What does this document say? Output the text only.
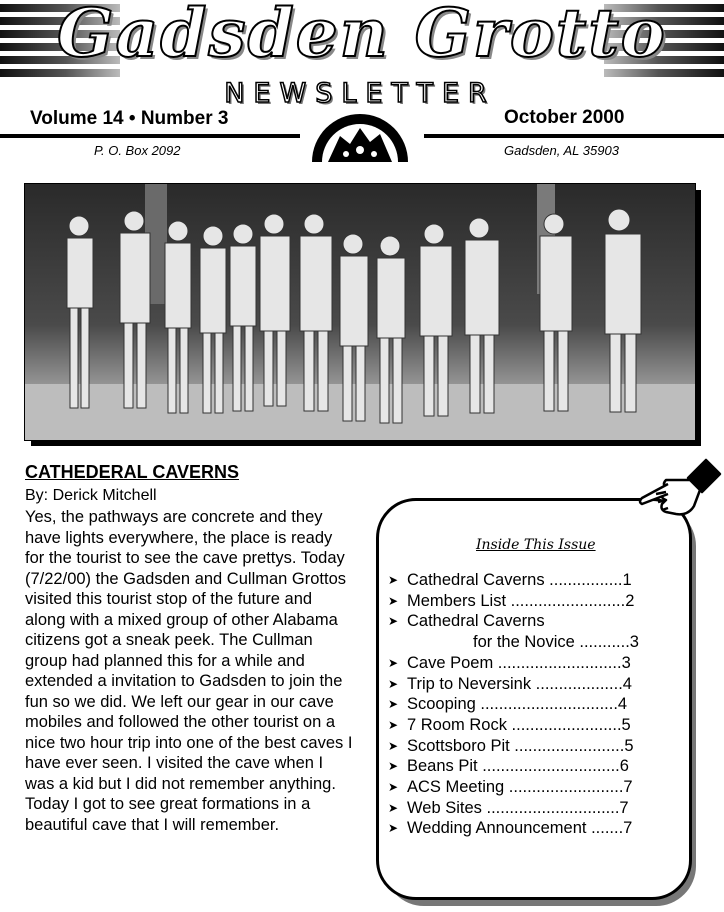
Gadsden Grotto
NEWSLETTER
Volume 14 • Number 3	October 2000
P. O. Box 2092	Gadsden, AL 35903
CATHEDERAL CAVERNS
By: Derick Mitchell
Yes, the pathways are concrete and they have lights everywhere, the place is ready for the tourist to see the cave prettys. Today (7/22/00) the Gadsden and Cullman Grottos visited this tourist stop of the future and along with a mixed group of other Alabama citizens got a sneak peek. The Cullman group had planned this for a while and extended a invitation to Gadsden to join the fun so we did. We left our gear in our cave mobiles and followed the other tourist on a nice two hour trip into one of the best caves I have ever seen. I visited the cave when I was a kid but I did not remember anything. Today I got to see great formations in a beautiful cave that I will remember.
Inside This Issue
➤ Cathedral Caverns ................1
➤ Members List .........................2
➤ Cathedral Caverns
for the Novice ...........3
➤ Cave Poem ...........................3
➤ Trip to Neversink ...................4
➤ Scooping ..............................4
➤ 7 Room Rock ........................5
➤ Scottsboro Pit ........................5
➤ Beans Pit ..............................6
➤ ACS Meeting .........................7
➤ Web Sites .............................7
➤ Wedding Announcement .......7
